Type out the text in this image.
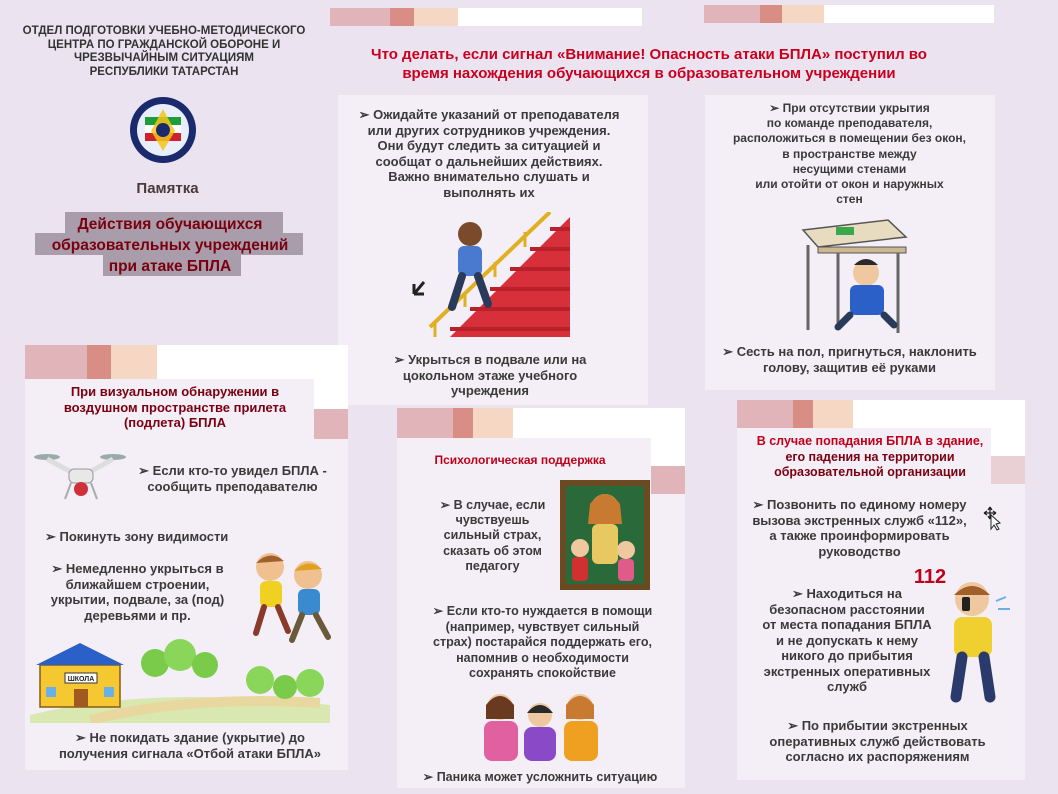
ОТДЕЛ ПОДГОТОВКИ УЧЕБНО-МЕТОДИЧЕСКОГО
ЦЕНТРА ПО ГРАЖДАНСКОЙ ОБОРОНЕ И
ЧРЕЗВЫЧАЙНЫМ СИТУАЦИЯМ
РЕСПУБЛИКИ ТАТАРСТАН
Памятка
Действия обучающихся
образовательных учреждений
при атаке БПЛА
Что делать, если сигнал «Внимание! Опасность атаки БПЛА» поступил во
время нахождения обучающихся в образовательном учреждении
➢ Ожидайте указаний от преподавателя
или других сотрудников учреждения.
Они будут следить за ситуацией и
сообщат о дальнейших действиях.
Важно внимательно слушать и
выполнять их
➢ Укрыться в подвале или на
цокольном этаже учебного
учреждения
➢ При отсутствии укрытия
по команде преподавателя,
расположиться в помещении без окон,
в пространстве между
несущими стенами
или отойти от окон и наружных
стен
➢ Сесть на пол, пригнуться, наклонить
голову, защитив её руками
При визуальном обнаружении в
воздушном пространстве прилета
(подлета) БПЛА
➢ Если кто-то увидел БПЛА -
сообщить преподавателю
➢ Покинуть зону видимости
➢ Немедленно укрыться в
ближайшем строении,
укрытии, подвале, за (под)
деревьями и пр.
ШКОЛА
➢ Не покидать здание (укрытие) до
получения сигнала «Отбой атаки БПЛА»
Психологическая поддержка
➢ В случае, если
чувствуешь
сильный страх,
сказать об этом
педагогу
➢ Если кто-то нуждается в помощи
(например, чувствует сильный
страх) постарайся поддержать его,
напомнив о необходимости
сохранять спокойствие
➢ Паника может усложнить ситуацию
В случае попадания БПЛА в здание,
его падения на территории
образовательной организации
➢ Позвонить по единому номеру
вызова экстренных служб «112»,
а также проинформировать
руководство
112
➢ Находиться на
безопасном расстоянии
от места попадания БПЛА
и не допускать к нему
никого до прибытия
экстренных оперативных
служб
➢ По прибытии экстренных
оперативных служб действовать
согласно их распоряжениям
